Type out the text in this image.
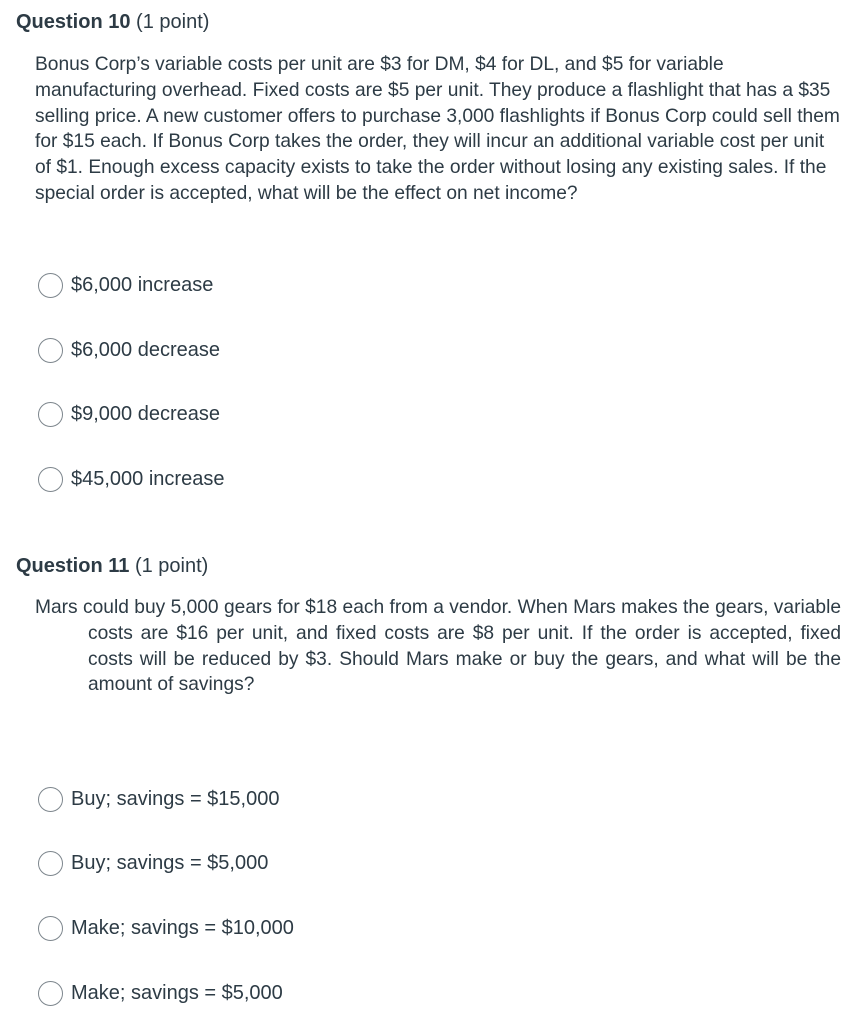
Question 10 (1 point)

Bonus Corp’s variable costs per unit are $3 for DM, $4 for DL, and $5 for variable manufacturing overhead. Fixed costs are $5 per unit. They produce a flashlight that has a $35 selling price. A new customer offers to purchase 3,000 flashlights if Bonus Corp could sell them for $15 each. If Bonus Corp takes the order, they will incur an additional variable cost per unit of $1. Enough excess capacity exists to take the order without losing any existing sales. If the special order is accepted, what will be the effect on net income?

$6,000 increase
$6,000 decrease
$9,000 decrease
$45,000 increase
Question 11 (1 point)

Mars could buy 5,000 gears for $18 each from a vendor. When Mars makes the gears, variable costs are $16 per unit, and fixed costs are $8 per unit. If the order is accepted, fixed costs will be reduced by $3. Should Mars make or buy the gears, and what will be the amount of savings?

Buy; savings = $15,000
Buy; savings = $5,000
Make; savings = $10,000
Make; savings = $5,000
